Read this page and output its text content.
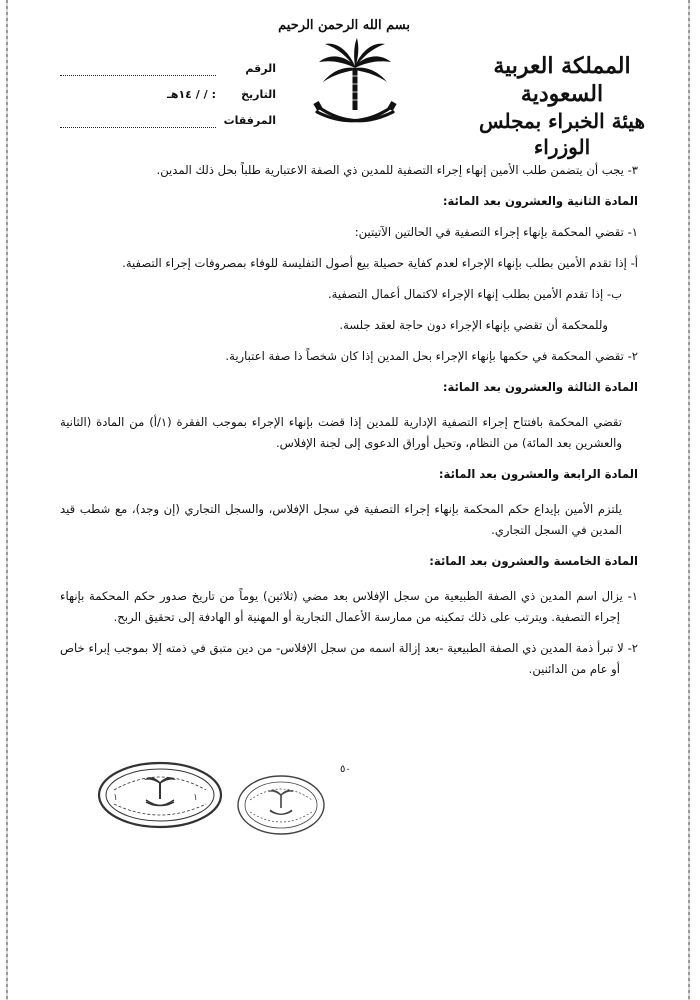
المملكة العربية السعودية
هيئة الخبراء بمجلس الوزراء
بسم الله الرحمن الرحيم
الرقم
التاريخ
:
/ / ١٤هـ
المرفقات

٣- يجب أن يتضمن طلب الأمين إنهاء إجراء التصفية للمدين ذي الصفة الاعتبارية طلباً بحل ذلك المدين.

المادة الثانية والعشرون بعد المائة:

١- تقضي المحكمة بإنهاء إجراء التصفية في الحالتين الآتيتين:

أ- إذا تقدم الأمين بطلب بإنهاء الإجراء لعدم كفاية حصيلة بيع أصول التفليسة للوفاء بمصروفات إجراء التصفية.

ب- إذا تقدم الأمين بطلب إنهاء الإجراء لاكتمال أعمال التصفية.

وللمحكمة أن تقضي بإنهاء الإجراء دون حاجة لعقد جلسة.

٢- تقضي المحكمة في حكمها بإنهاء الإجراء بحل المدين إذا كان شخصاً ذا صفة اعتبارية.

المادة الثالثة والعشرون بعد المائة:

تقضي المحكمة بافتتاح إجراء التصفية الإدارية للمدين إذا قضت بإنهاء الإجراء بموجب الفقرة (١/أ) من المادة (الثانية والعشرين بعد المائة) من النظام، وتحيل أوراق الدعوى إلى لجنة الإفلاس.

المادة الرابعة والعشرون بعد المائة:

يلتزم الأمين بإيداع حكم المحكمة بإنهاء إجراء التصفية في سجل الإفلاس، والسجل التجاري (إن وجد)، مع شطب قيد المدين في السجل التجاري.

المادة الخامسة والعشرون بعد المائة:

١- يزال اسم المدين ذي الصفة الطبيعية من سجل الإفلاس بعد مضي (ثلاثين) يوماً من تاريخ صدور حكم المحكمة بإنهاء إجراء التصفية. ويترتب على ذلك تمكينه من ممارسة الأعمال التجارية أو المهنية أو الهادفة إلى تحقيق الربح.

٢- لا تبرأ ذمة المدين ذي الصفة الطبيعية -بعد إزالة اسمه من سجل الإفلاس- من دين متبق في ذمته إلا بموجب إبراء خاص أو عام من الدائنين.

٥٠
١	١
